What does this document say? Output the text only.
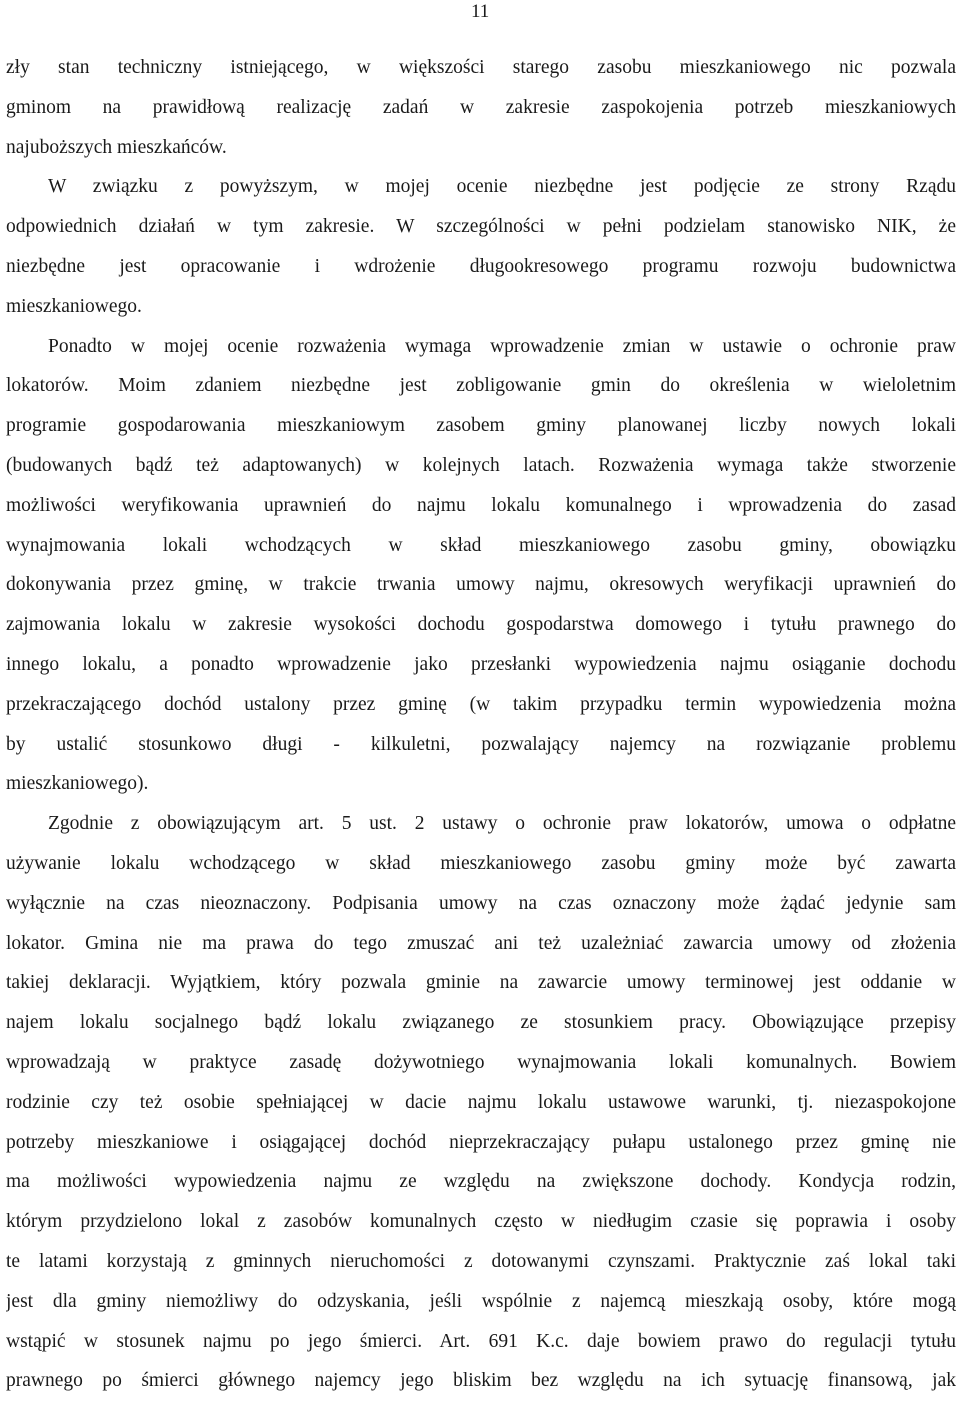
11
zły stan techniczny istniejącego, w większości starego zasobu mieszkaniowego nic pozwala
gminom na prawidłową realizację zadań w zakresie zaspokojenia potrzeb mieszkaniowych
najuboższych mieszkańców.
W związku z powyższym, w mojej ocenie niezbędne jest podjęcie ze strony Rządu
odpowiednich działań w tym zakresie. W szczególności w pełni podzielam stanowisko NIK, że
niezbędne jest opracowanie i wdrożenie długookresowego programu rozwoju budownictwa
mieszkaniowego.
Ponadto w mojej ocenie rozważenia wymaga wprowadzenie zmian w ustawie o ochronie praw
lokatorów. Moim zdaniem niezbędne jest zobligowanie gmin do określenia w wieloletnim
programie gospodarowania mieszkaniowym zasobem gminy planowanej liczby nowych lokali
(budowanych bądź też adaptowanych) w kolejnych latach. Rozważenia wymaga także stworzenie
możliwości weryfikowania uprawnień do najmu lokalu komunalnego i wprowadzenia do zasad
wynajmowania lokali wchodzących w skład mieszkaniowego zasobu gminy, obowiązku
dokonywania przez gminę, w trakcie trwania umowy najmu, okresowych weryfikacji uprawnień do
zajmowania lokalu w zakresie wysokości dochodu gospodarstwa domowego i tytułu prawnego do
innego lokalu, a ponadto wprowadzenie jako przesłanki wypowiedzenia najmu osiąganie dochodu
przekraczającego dochód ustalony przez gminę (w takim przypadku termin wypowiedzenia można
by ustalić stosunkowo długi - kilkuletni, pozwalający najemcy na rozwiązanie problemu
mieszkaniowego).
Zgodnie z obowiązującym art. 5 ust. 2 ustawy o ochronie praw lokatorów, umowa o odpłatne
używanie lokalu wchodzącego w skład mieszkaniowego zasobu gminy może być zawarta
wyłącznie na czas nieoznaczony. Podpisania umowy na czas oznaczony może żądać jedynie sam
lokator. Gmina nie ma prawa do tego zmuszać ani też uzależniać zawarcia umowy od złożenia
takiej deklaracji. Wyjątkiem, który pozwala gminie na zawarcie umowy terminowej jest oddanie w
najem lokalu socjalnego bądź lokalu związanego ze stosunkiem pracy. Obowiązujące przepisy
wprowadzają w praktyce zasadę dożywotniego wynajmowania lokali komunalnych. Bowiem
rodzinie czy też osobie spełniającej w dacie najmu lokalu ustawowe warunki, tj. niezaspokojone
potrzeby mieszkaniowe i osiągającej dochód nieprzekraczający pułapu ustalonego przez gminę nie
ma możliwości wypowiedzenia najmu ze względu na zwiększone dochody. Kondycja rodzin,
którym przydzielono lokal z zasobów komunalnych często w niedługim czasie się poprawia i osoby
te latami korzystają z gminnych nieruchomości z dotowanymi czynszami. Praktycznie zaś lokal taki
jest dla gminy niemożliwy do odzyskania, jeśli wspólnie z najemcą mieszkają osoby, które mogą
wstąpić w stosunek najmu po jego śmierci. Art. 691 K.c. daje bowiem prawo do regulacji tytułu
prawnego po śmierci głównego najemcy jego bliskim bez względu na ich sytuację finansową, jak
